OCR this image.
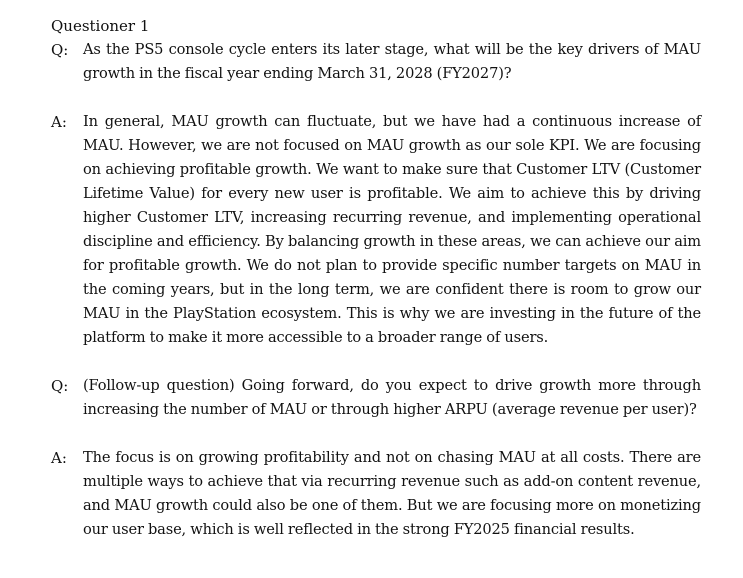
Questioner 1
Q: As the PS5 console cycle enters its later stage, what will be the key drivers of MAU growth in the fiscal year ending March 31, 2028 (FY2027)?
A: In general, MAU growth can fluctuate, but we have had a continuous increase of MAU. However, we are not focused on MAU growth as our sole KPI. We are focusing on achieving profitable growth. We want to make sure that Customer LTV (Customer Lifetime Value) for every new user is profitable. We aim to achieve this by driving higher Customer LTV, increasing recurring revenue, and implementing operational discipline and efficiency. By balancing growth in these areas, we can achieve our aim for profitable growth. We do not plan to provide specific number targets on MAU in the coming years, but in the long term, we are confident there is room to grow our MAU in the PlayStation ecosystem. This is why we are investing in the future of the platform to make it more accessible to a broader range of users.
Q: (Follow-up question) Going forward, do you expect to drive growth more through increasing the number of MAU or through higher ARPU (average revenue per user)?
A: The focus is on growing profitability and not on chasing MAU at all costs. There are multiple ways to achieve that via recurring revenue such as add-on content revenue, and MAU growth could also be one of them. But we are focusing more on monetizing our user base, which is well reflected in the strong FY2025 financial results.
